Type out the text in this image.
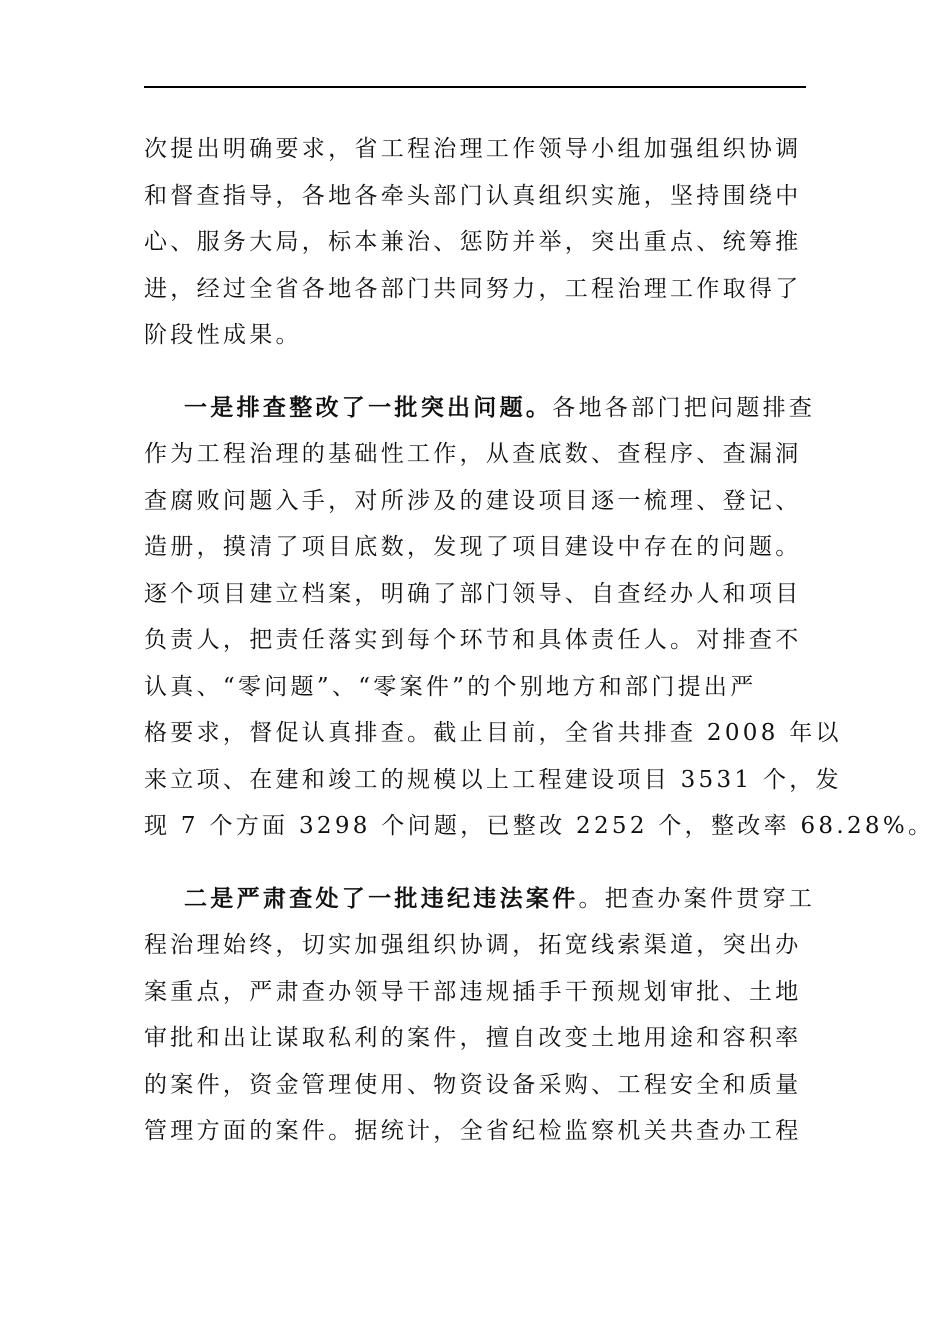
次提出明确要求，省工程治理工作领导小组加强组织协调
和督查指导，各地各牵头部门认真组织实施，坚持围绕中
心、服务大局，标本兼治、惩防并举，突出重点、统筹推
进，经过全省各地各部门共同努力，工程治理工作取得了
阶段性成果。
一是排查整改了一批突出问题。各地各部门把问题排查
作为工程治理的基础性工作，从查底数、查程序、查漏洞
查腐败问题入手，对所涉及的建设项目逐一梳理、登记、
造册，摸清了项目底数，发现了项目建设中存在的问题。
逐个项目建立档案，明确了部门领导、自查经办人和项目
负责人，把责任落实到每个环节和具体责任人。对排查不
认真、“零问题”、“零案件”的个别地方和部门提出严
格要求，督促认真排查。截止目前，全省共排查 2008 年以
来立项、在建和竣工的规模以上工程建设项目 3531 个，发
现 7 个方面 3298 个问题，已整改 2252 个，整改率 68.28%。
二是严肃查处了一批违纪违法案件。把查办案件贯穿工
程治理始终，切实加强组织协调，拓宽线索渠道，突出办
案重点，严肃查办领导干部违规插手干预规划审批、土地
审批和出让谋取私利的案件，擅自改变土地用途和容积率
的案件，资金管理使用、物资设备采购、工程安全和质量
管理方面的案件。据统计，全省纪检监察机关共查办工程
